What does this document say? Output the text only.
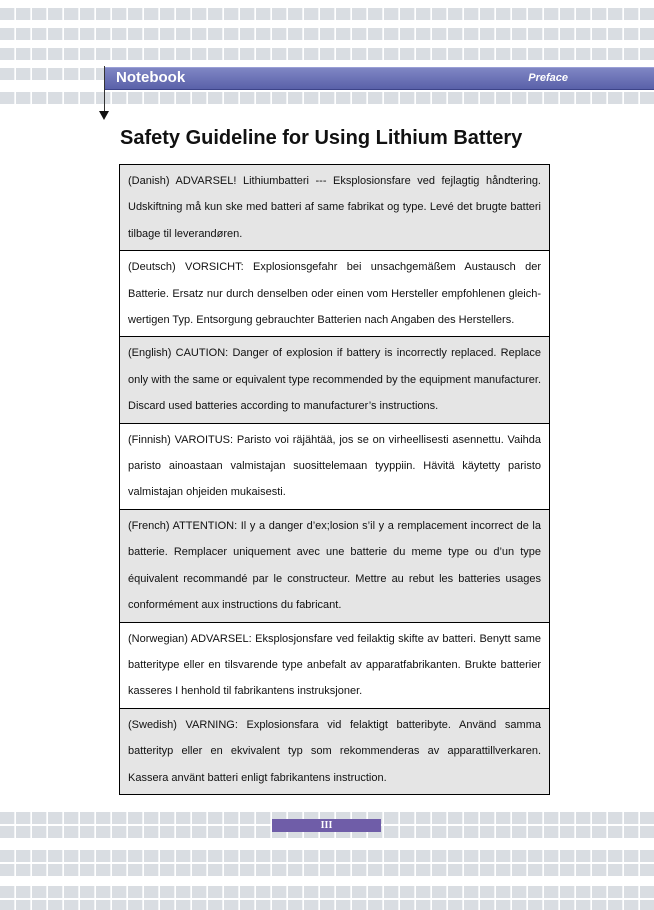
Notebook	Preface
Safety Guideline for Using Lithium Battery
(Danish) ADVARSEL! Lithiumbatteri --- Eksplosionsfare ved fejlagtig håndtering. Udskiftning må kun ske med batteri af same fabrikat og type. Levé det brugte batteri tilbage til leverandøren.
(Deutsch) VORSICHT: Explosionsgefahr bei unsachgemäßem Austausch der Batterie. Ersatz nur durch denselben oder einen vom Hersteller empfohlenen gleich-wertigen Typ. Entsorgung gebrauchter Batterien nach Angaben des Herstellers.
(English) CAUTION: Danger of explosion if battery is incorrectly replaced. Replace only with the same or equivalent type recommended by the equipment manufacturer. Discard used batteries according to manufacturer’s instructions.
(Finnish) VAROITUS: Paristo voi räjähtää, jos se on virheellisesti asennettu. Vaihda paristo ainoastaan valmistajan suosittelemaan tyyppiin. Hävitä käytetty paristo valmistajan ohjeiden mukaisesti.
(French) ATTENTION: Il y a danger d’ex;losion s’il y a remplacement incorrect de la batterie. Remplacer uniquement avec une batterie du meme type ou d’un type équivalent recommandé par le constructeur. Mettre au rebut les batteries usages conformément aux instructions du fabricant.
(Norwegian) ADVARSEL: Eksplosjonsfare ved feilaktig skifte av batteri. Benytt same batteritype eller en tilsvarende type anbefalt av apparatfabrikanten. Brukte batterier kasseres I henhold til fabrikantens instruksjoner.
(Swedish) VARNING: Explosionsfara vid felaktigt batteribyte. Använd samma batterityp eller en ekvivalent typ som rekommenderas av apparattillverkaren. Kassera använt batteri enligt fabrikantens instruction.
III
